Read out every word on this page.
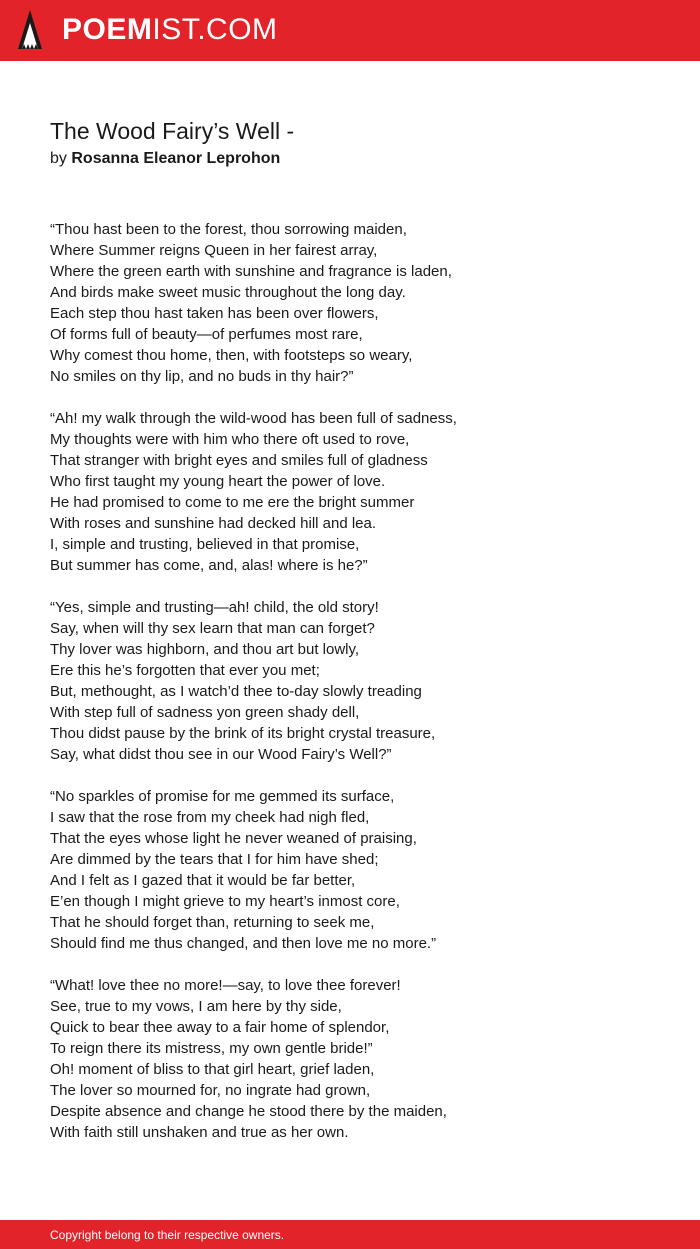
POEMIST.COM
The Wood Fairy’s Well -
by Rosanna Eleanor Leprohon
“Thou hast been to the forest, thou sorrowing maiden,
Where Summer reigns Queen in her fairest array,
Where the green earth with sunshine and fragrance is laden,
And birds make sweet music throughout the long day.
Each step thou hast taken has been over flowers,
Of forms full of beauty—of perfumes most rare,
Why comest thou home, then, with footsteps so weary,
No smiles on thy lip, and no buds in thy hair?”
“Ah! my walk through the wild-wood has been full of sadness,
My thoughts were with him who there oft used to rove,
That stranger with bright eyes and smiles full of gladness
Who first taught my young heart the power of love.
He had promised to come to me ere the bright summer
With roses and sunshine had decked hill and lea.
I, simple and trusting, believed in that promise,
But summer has come, and, alas! where is he?”
“Yes, simple and trusting—ah! child, the old story!
Say, when will thy sex learn that man can forget?
Thy lover was highborn, and thou art but lowly,
Ere this he’s forgotten that ever you met;
But, methought, as I watch’d thee to-day slowly treading
With step full of sadness yon green shady dell,
Thou didst pause by the brink of its bright crystal treasure,
Say, what didst thou see in our Wood Fairy’s Well?”
“No sparkles of promise for me gemmed its surface,
I saw that the rose from my cheek had nigh fled,
That the eyes whose light he never weaned of praising,
Are dimmed by the tears that I for him have shed;
And I felt as I gazed that it would be far better,
E’en though I might grieve to my heart’s inmost core,
That he should forget than, returning to seek me,
Should find me thus changed, and then love me no more.”
“What! love thee no more!—say, to love thee forever!
See, true to my vows, I am here by thy side,
Quick to bear thee away to a fair home of splendor,
To reign there its mistress, my own gentle bride!”
Oh! moment of bliss to that girl heart, grief laden,
The lover so mourned for, no ingrate had grown,
Despite absence and change he stood there by the maiden,
With faith still unshaken and true as her own.
Copyright belong to their respective owners.
